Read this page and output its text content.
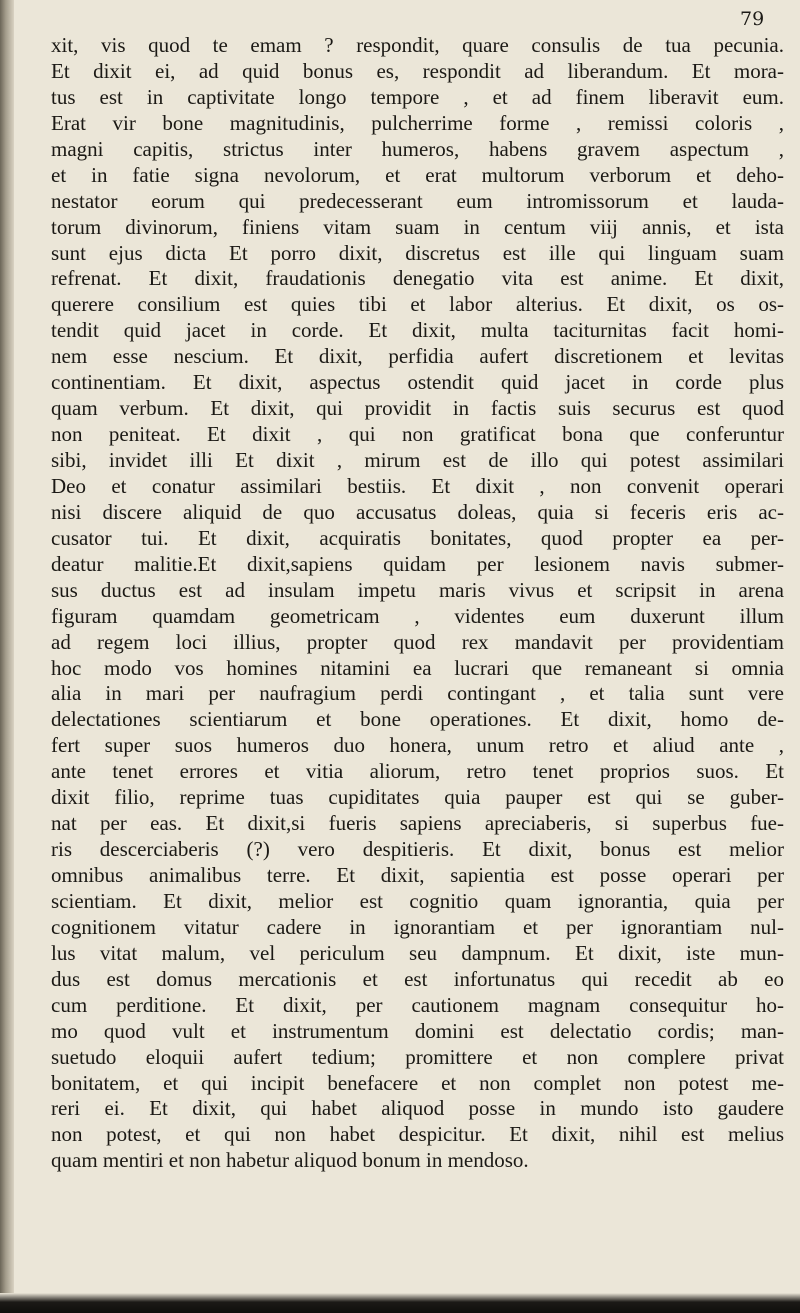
79
xit, vis quod te emam ? respondit, quare consulis de tua pecunia.
Et dixit ei, ad quid bonus es, respondit ad liberandum. Et mora-
tus est in captivitate longo tempore , et ad finem liberavit eum.
Erat vir bone magnitudinis, pulcherrime forme , remissi coloris ,
magni capitis, strictus inter humeros, habens gravem aspectum ,
et in fatie signa nevolorum, et erat multorum verborum et deho-
nestator eorum qui predecesserant eum intromissorum et lauda-
torum divinorum, finiens vitam suam in centum viij annis, et ista
sunt ejus dicta Et porro dixit, discretus est ille qui linguam suam
refrenat. Et dixit, fraudationis denegatio vita est anime. Et dixit,
querere consilium est quies tibi et labor alterius. Et dixit, os os-
tendit quid jacet in corde. Et dixit, multa taciturnitas facit homi-
nem esse nescium. Et dixit, perfidia aufert discretionem et levitas
continentiam. Et dixit, aspectus ostendit quid jacet in corde plus
quam verbum. Et dixit, qui providit in factis suis securus est quod
non peniteat. Et dixit , qui non gratificat bona que conferuntur
sibi, invidet illi Et dixit , mirum est de illo qui potest assimilari
Deo et conatur assimilari bestiis. Et dixit , non convenit operari
nisi discere aliquid de quo accusatus doleas, quia si feceris eris ac-
cusator tui. Et dixit, acquiratis bonitates, quod propter ea per-
deatur malitie.Et dixit,sapiens quidam per lesionem navis submer-
sus ductus est ad insulam impetu maris vivus et scripsit in arena
figuram quamdam geometricam , videntes eum duxerunt illum
ad regem loci illius, propter quod rex mandavit per providentiam
hoc modo vos homines nitamini ea lucrari que remaneant si omnia
alia in mari per naufragium perdi contingant , et talia sunt vere
delectationes scientiarum et bone operationes. Et dixit, homo de-
fert super suos humeros duo honera, unum retro et aliud ante ,
ante tenet errores et vitia aliorum, retro tenet proprios suos. Et
dixit filio, reprime tuas cupiditates quia pauper est qui se guber-
nat per eas. Et dixit,si fueris sapiens apreciaberis, si superbus fue-
ris descerciaberis (?) vero despitieris. Et dixit, bonus est melior
omnibus animalibus terre. Et dixit, sapientia est posse operari per
scientiam. Et dixit, melior est cognitio quam ignorantia, quia per
cognitionem vitatur cadere in ignorantiam et per ignorantiam nul-
lus vitat malum, vel periculum seu dampnum. Et dixit, iste mun-
dus est domus mercationis et est infortunatus qui recedit ab eo
cum perditione. Et dixit, per cautionem magnam consequitur ho-
mo quod vult et instrumentum domini est delectatio cordis; man-
suetudo eloquii aufert tedium; promittere et non complere privat
bonitatem, et qui incipit benefacere et non complet non potest me-
reri ei. Et dixit, qui habet aliquod posse in mundo isto gaudere
non potest, et qui non habet despicitur. Et dixit, nihil est melius
quam mentiri et non habetur aliquod bonum in mendoso.
